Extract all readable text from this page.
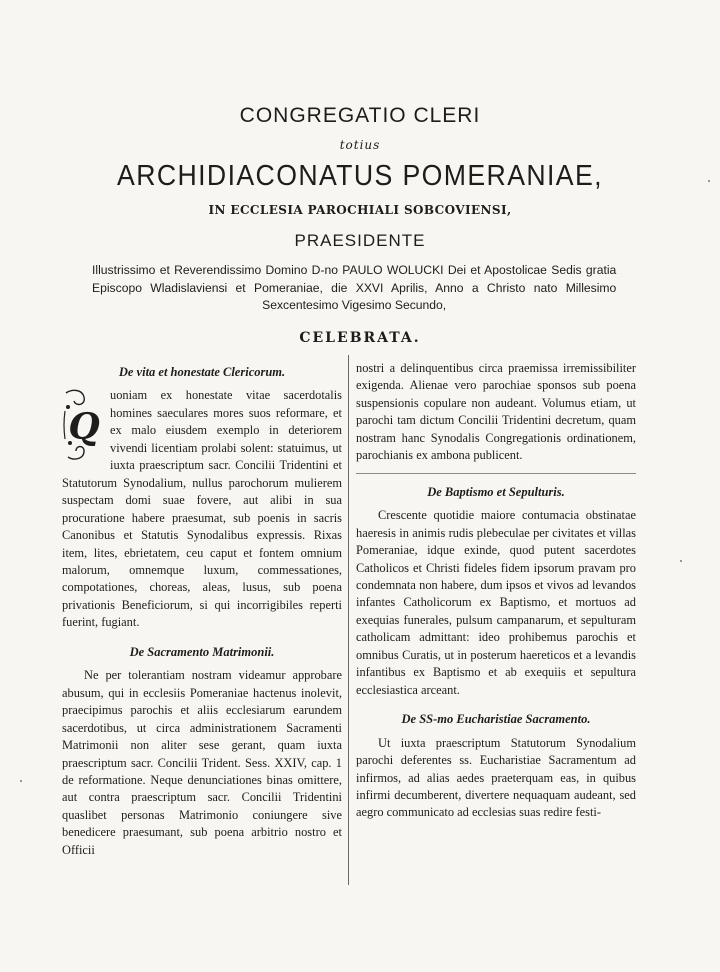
CONGREGATIO CLERI
totius
ARCHIDIACONATUS POMERANIAE,
IN ECCLESIA PAROCHIALI SOBCOVIENSI,
PRAESIDENTE
Illustrissimo et Reverendissimo Domino D-no PAULO WOLUCKI Dei et Apostolicae Sedis gratia Episcopo Wladislaviensi et Pomeraniae, die XXVI Aprilis, Anno a Christo nato Millesimo Sexcentesimo Vigesimo Secundo,
CELEBRATA.
De vita et honestate Clericorum.
Q

uoniam ex honestate vitae sacerdotalis homines saeculares mores suos reformare, et ex malo eiusdem exemplo in deteriorem vivendi licentiam prolabi solent: statuimus, ut iuxta praescriptum sacr. Concilii Tridentini et Statutorum Synodalium, nullus parochorum mulierem suspectam domi suae fovere, aut alibi in sua procuratione habere praesumat, sub poenis in sacris Canonibus et Statutis Synodalibus expressis. Rixas item, lites, ebrietatem, ceu caput et fontem omnium malorum, omnemque luxum, commessationes, compotationes, choreas, aleas, lusus, sub poena privationis Beneficiorum, si qui incorrigibiles reperti fuerint, fugiant.

De Sacramento Matrimonii.

Ne per tolerantiam nostram videamur approbare abusum, qui in ecclesiis Pomeraniae hactenus inolevit, praecipimus parochis et aliis ecclesiarum earundem sacerdotibus, ut circa administrationem Sacramenti Matrimonii non aliter sese gerant, quam iuxta praescriptum sacr. Concilii Trident. Sess. XXIV, cap. 1 de reformatione. Neque denunciationes binas omittere, aut contra praescriptum sacr. Concilii Tridentini quaslibet personas Matrimonio coniungere sive benedicere praesumant, sub poena arbitrio nostro et Officii

nostri a delinquentibus circa praemissa irremissibiliter exigenda. Alienae vero parochiae sponsos sub poena suspensionis copulare non audeant. Volumus etiam, ut parochi tam dictum Concilii Tridentini decretum, quam nostram hanc Synodalis Congregationis ordinationem, parochianis ex ambona publicent.

De Baptismo et Sepulturis.

Crescente quotidie maiore contumacia obstinatae haeresis in animis rudis plebeculae per civitates et villas Pomeraniae, idque exinde, quod putent sacerdotes Catholicos et Christi fideles fidem ipsorum pravam pro condemnata non habere, dum ipsos et vivos ad levandos infantes Catholicorum ex Baptismo, et mortuos ad exequias funerales, pulsum campanarum, et sepulturam catholicam admittant: ideo prohibemus parochis et omnibus Curatis, ut in posterum haereticos et a levandis infantibus ex Baptismo et ab exequiis et sepultura ecclesiastica arceant.

De SS-mo Eucharistiae Sacramento.

Ut iuxta praescriptum Statutorum Synodalium parochi deferentes ss. Eucharistiae Sacramentum ad infirmos, ad alias aedes praeterquam eas, in quibus infirmi decumberent, divertere nequaquam audeant, sed aegro communicato ad ecclesias suas redire festi-
